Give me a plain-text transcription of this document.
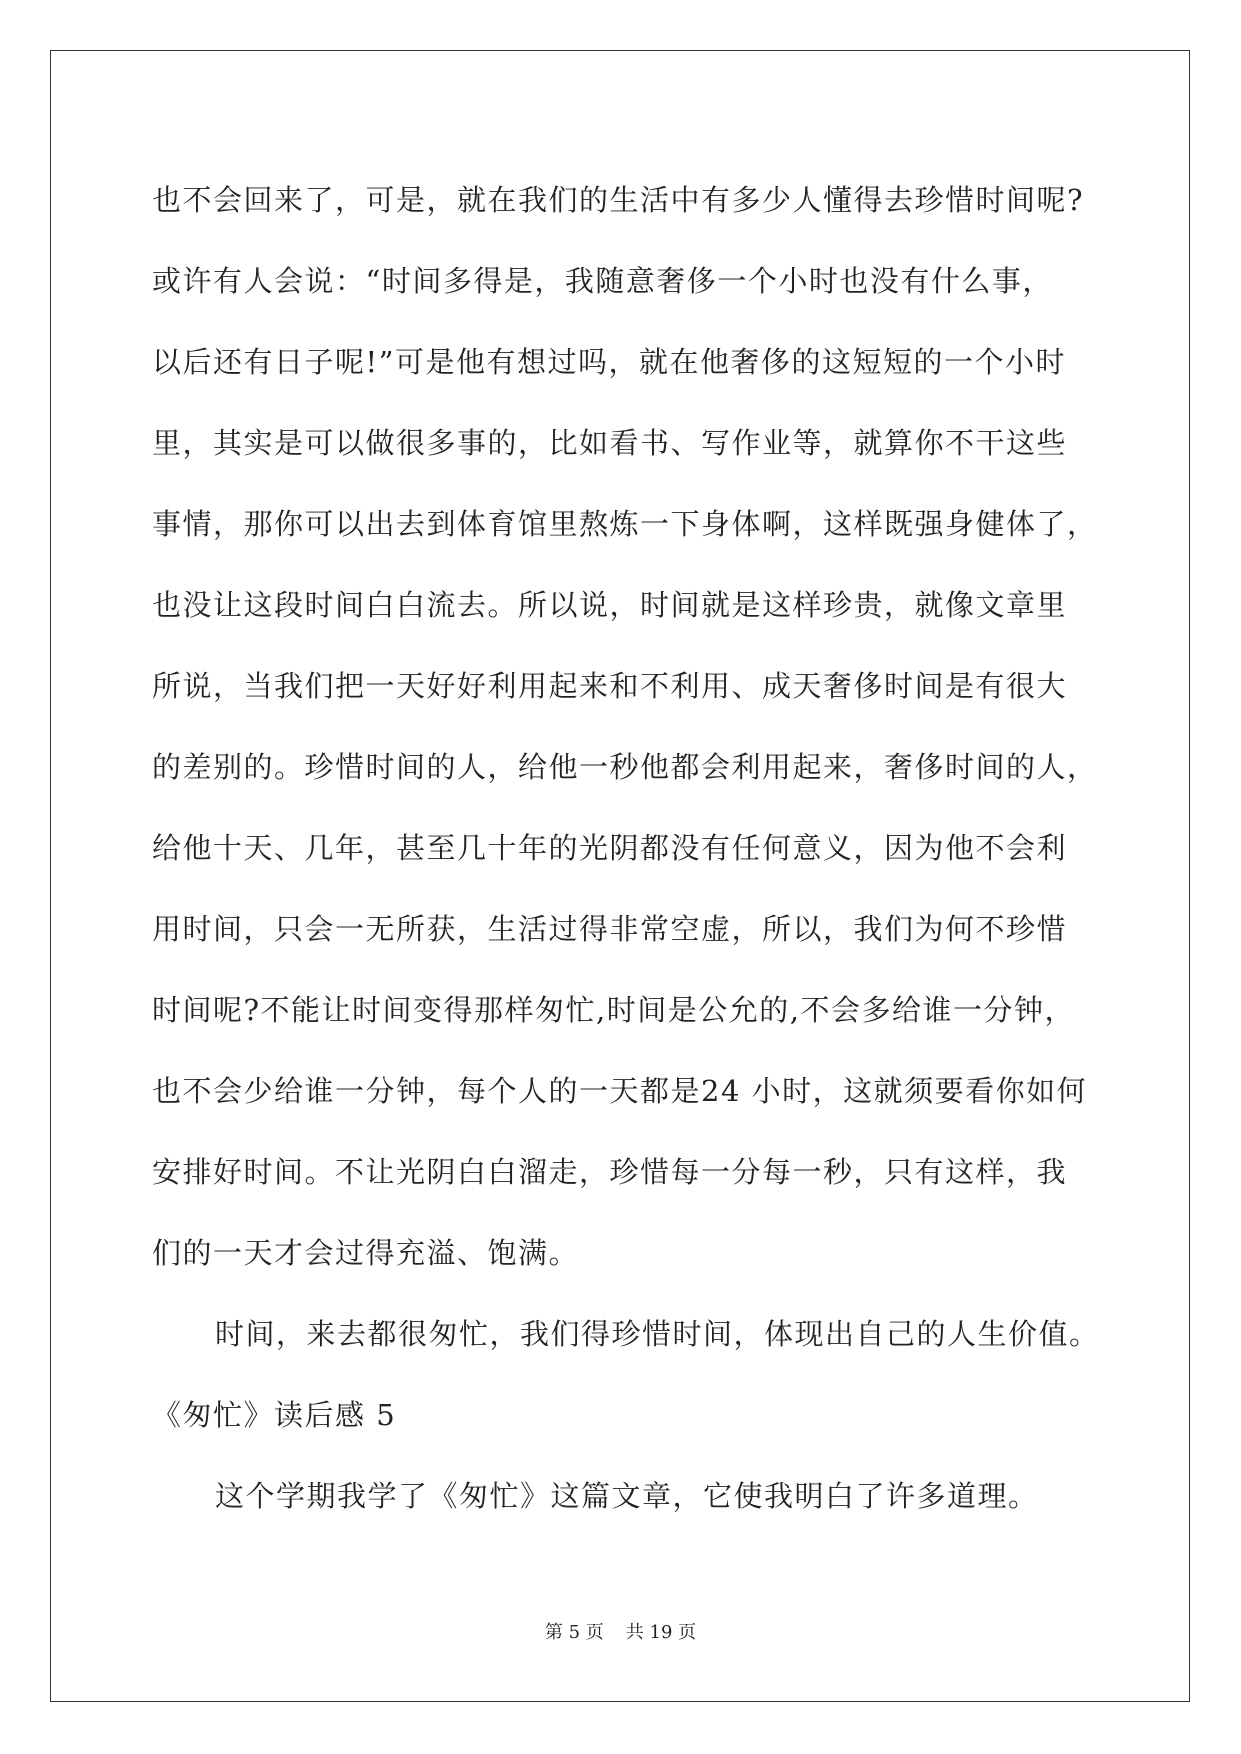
也不会回来了，可是，就在我们的生活中有多少人懂得去珍惜时间呢?
或许有人会说：“时间多得是，我随意奢侈一个小时也没有什么事，
以后还有日子呢!”可是他有想过吗，就在他奢侈的这短短的一个小时
里，其实是可以做很多事的，比如看书、写作业等，就算你不干这些
事情，那你可以出去到体育馆里熬炼一下身体啊，这样既强身健体了，
也没让这段时间白白流去。所以说，时间就是这样珍贵，就像文章里
所说，当我们把一天好好利用起来和不利用、成天奢侈时间是有很大
的差别的。珍惜时间的人，给他一秒他都会利用起来，奢侈时间的人，
给他十天、几年，甚至几十年的光阴都没有任何意义，因为他不会利
用时间，只会一无所获，生活过得非常空虚，所以，我们为何不珍惜
时间呢?不能让时间变得那样匆忙,时间是公允的,不会多给谁一分钟，
也不会少给谁一分钟，每个人的一天都是24 小时，这就须要看你如何
安排好时间。不让光阴白白溜走，珍惜每一分每一秒，只有这样，我
们的一天才会过得充溢、饱满。
时间，来去都很匆忙，我们得珍惜时间，体现出自己的人生价值。
《匆忙》读后感 5
这个学期我学了《匆忙》这篇文章，它使我明白了许多道理。
第 5 页 共 19 页
